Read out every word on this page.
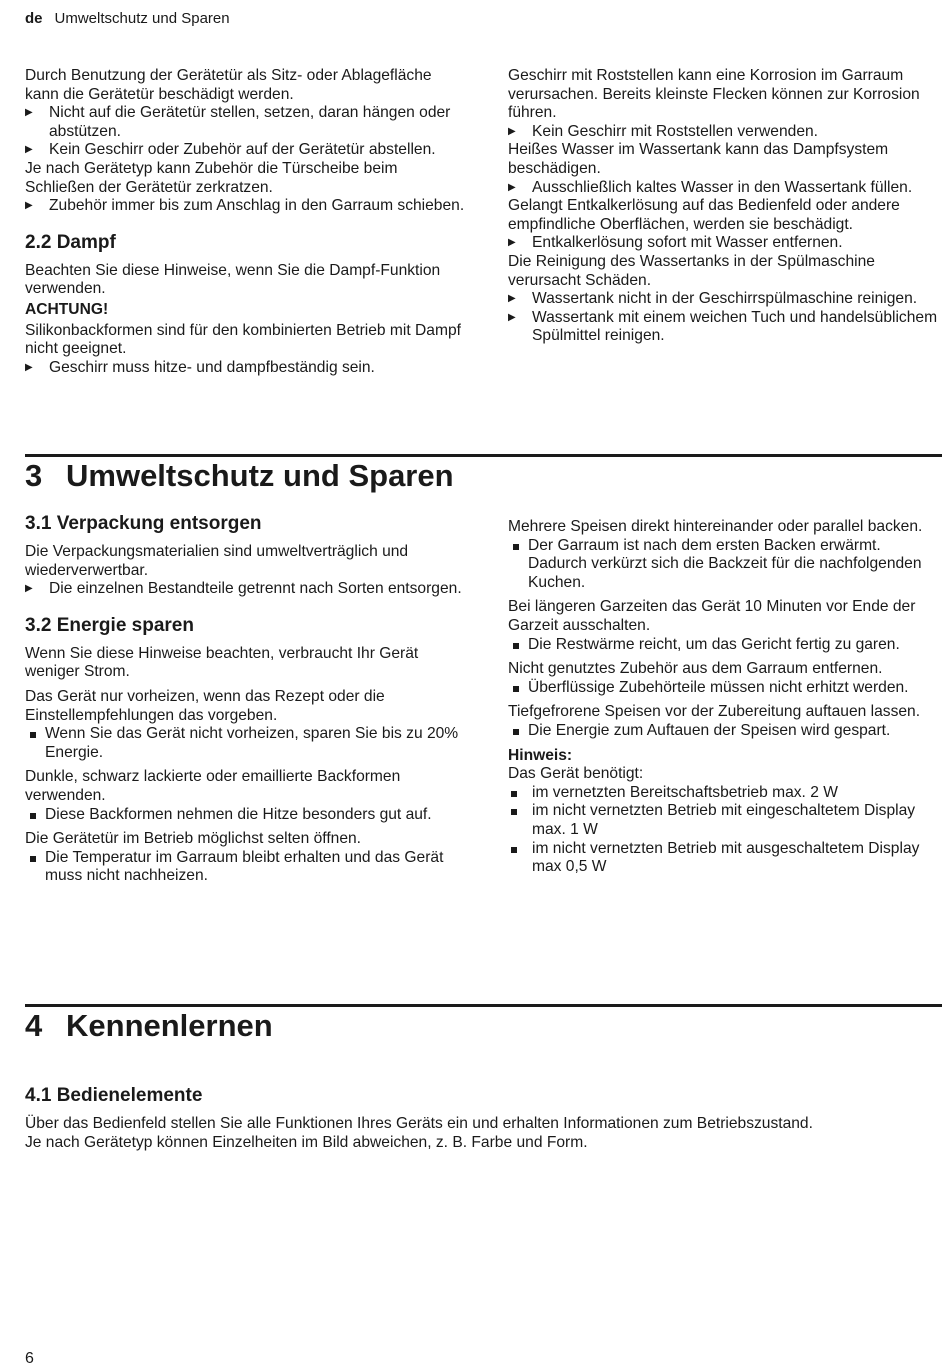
de Umweltschutz und Sparen

Durch Benutzung der Gerätetür als Sitz- oder Ablagefläche kann die Gerätetür beschädigt werden.

▶	Nicht auf die Gerätetür stellen, setzen, daran hängen oder abstützen.
▶	Kein Geschirr oder Zubehör auf der Gerätetür abstellen.

Je nach Gerätetyp kann Zubehör die Türscheibe beim Schließen der Gerätetür zerkratzen.

▶	Zubehör immer bis zum Anschlag in den Garraum schieben.

2.2 Dampf

Beachten Sie diese Hinweise, wenn Sie die Dampf-Funktion verwenden.

ACHTUNG!

Silikonbackformen sind für den kombinierten Betrieb mit Dampf nicht geeignet.

▶	Geschirr muss hitze- und dampfbeständig sein.

Geschirr mit Roststellen kann eine Korrosion im Garraum verursachen. Bereits kleinste Flecken können zur Korrosion führen.

▶	Kein Geschirr mit Roststellen verwenden.

Heißes Wasser im Wassertank kann das Dampfsystem beschädigen.

▶	Ausschließlich kaltes Wasser in den Wassertank füllen.

Gelangt Entkalkerlösung auf das Bedienfeld oder andere empfindliche Oberflächen, werden sie beschädigt.

▶	Entkalkerlösung sofort mit Wasser entfernen.

Die Reinigung des Wassertanks in der Spülmaschine verursacht Schäden.

▶	Wassertank nicht in der Geschirrspülmaschine reinigen.
▶	Wassertank mit einem weichen Tuch und handelsüblichem Spülmittel reinigen.
3 Umweltschutz und Sparen

3.1 Verpackung entsorgen

Die Verpackungsmaterialien sind umweltverträglich und wiederverwertbar.

▶	Die einzelnen Bestandteile getrennt nach Sorten entsorgen.

3.2 Energie sparen

Wenn Sie diese Hinweise beachten, verbraucht Ihr Gerät weniger Strom.

Das Gerät nur vorheizen, wenn das Rezept oder die Einstellempfehlungen das vorgeben.

Wenn Sie das Gerät nicht vorheizen, sparen Sie bis zu 20% Energie.

Dunkle, schwarz lackierte oder emaillierte Backformen verwenden.

Diese Backformen nehmen die Hitze besonders gut auf.

Die Gerätetür im Betrieb möglichst selten öffnen.

Die Temperatur im Garraum bleibt erhalten und das Gerät muss nicht nachheizen.

Mehrere Speisen direkt hintereinander oder parallel backen.

Der Garraum ist nach dem ersten Backen erwärmt. Dadurch verkürzt sich die Backzeit für die nachfolgenden Kuchen.

Bei längeren Garzeiten das Gerät 10 Minuten vor Ende der Garzeit ausschalten.

Die Restwärme reicht, um das Gericht fertig zu garen.

Nicht genutztes Zubehör aus dem Garraum entfernen.

Überflüssige Zubehörteile müssen nicht erhitzt werden.

Tiefgefrorene Speisen vor der Zubereitung auftauen lassen.

Die Energie zum Auftauen der Speisen wird gespart.

Hinweis:

Das Gerät benötigt:

im vernetzten Bereitschaftsbetrieb max. 2 W
im nicht vernetzten Betrieb mit eingeschaltetem Display max. 1 W
im nicht vernetzten Betrieb mit ausgeschaltetem Display max 0,5 W
4 Kennenlernen

4.1 Bedienelemente

Über das Bedienfeld stellen Sie alle Funktionen Ihres Geräts ein und erhalten Informationen zum Betriebszustand.

Je nach Gerätetyp können Einzelheiten im Bild abweichen, z. B. Farbe und Form.

6
